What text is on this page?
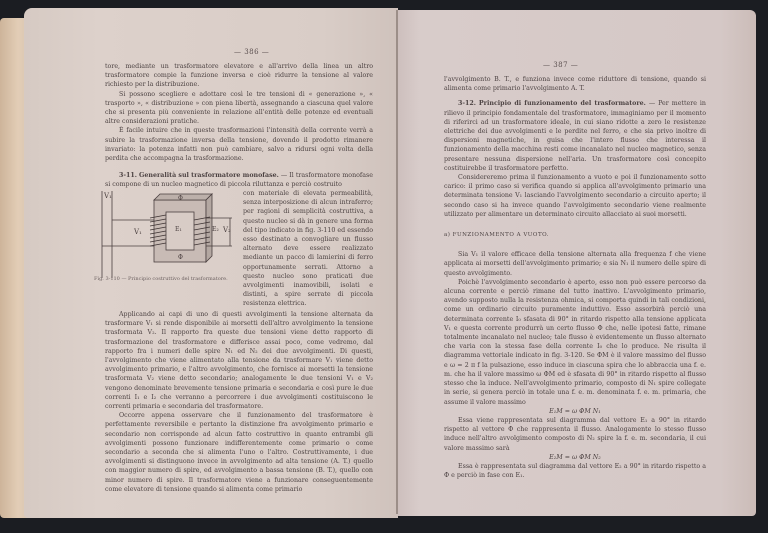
— 386 —

tore, mediante un trasformatore elevatore e all'arrivo della linea un altro trasformatore compie la funzione inversa e cioè ridurre la tensione al valore richiesto per la distribuzione.

Si possono scegliere e adottare così le tre tensioni di « generazione », « trasporto », « distribuzione » con piena libertà, assegnando a ciascuna quel valore che si presenta più conveniente in relazione all'entità delle potenze ed eventuali altre considerazioni pratiche.

È facile intuire che in queste trasformazioni l'intensità della corrente verrà a subire la trasformazione inversa della tensione, dovendo il prodotto rimanere invariato: la potenza infatti non può cambiare, salvo a ridursi ogni volta della perdita che accompagna la trasformazione.

3-11. Generalità sul trasformatore monofase. — Il trasformatore monofase si compone di un nucleo magnetico di piccola riluttanza e perciò costruito

V₁
V₁
Φ
Φ
E₁	E₂ V₂
Fig. 3-110 — Principio costruttivo del trasformatore.
con materiale di elevata permeabilità, senza interposizione di alcun intraferro; per ragioni di semplicità costruttiva, a questo nucleo si dà in genere una forma del tipo indicato in fig. 3-110 ed essendo esso destinato a convogliare un flusso alternato deve essere realizzato mediante un pacco di lamierini di ferro opportunamente serrati. Attorno a questo nucleo sono praticati due avvolgimenti inamovibili, isolati e distinti, a spire serrate di piccola resistenza elettrica.

Applicando ai capi di uno di questi avvolgimenti la tensione alternata da trasformare V₁ si rende disponibile ai morsetti dell'altro avvolgimento la tensione trasformata V₂. Il rapporto fra queste due tensioni viene detto rapporto di trasformazione del trasformatore e differisce assai poco, come vedremo, dal rapporto fra i numeri delle spire N₁ ed N₂ dei due avvolgimenti. Di questi, l'avvolgimento che viene alimentato alla tensione da trasformare V₁ viene detto avvolgimento primario, e l'altro avvolgimento, che fornisce ai morsetti la tensione trasformata V₂ viene detto secondario; analogamente le due tensioni V₁ e V₂ vengono denominate brevemente tensione primaria e secondaria e così pure le due correnti I₁ e I₂ che verranno a percorrere i due avvolgimenti costituiscono le correnti primaria e secondaria del trasformatore.

Occorre appena osservare che il funzionamento del trasformatore è perfettamente reversibile e pertanto la distinzione fra avvolgimento primario e secondario non corrisponde ad alcun fatto costruttivo in quanto entrambi gli avvolgimenti possono funzionare indifferentemente come primario o come secondario a seconda che si alimenta l'uno o l'altro. Costruttivamente, i due avvolgimenti si distinguono invece in avvolgimento ad alta tensione (A. T.) quello con maggior numero di spire, ed avvolgimento a bassa tensione (B. T.), quello con minor numero di spire. Il trasformatore viene a funzionare conseguentemente come elevatore di tensione quando si alimenta come primario

— 387 —

l'avvolgimento B. T., e funziona invece come riduttore di tensione, quando si alimenta come primario l'avvolgimento A. T.

3-12. Principio di funzionamento del trasformatore. — Per mettere in rilievo il principio fondamentale del trasformatore, immaginiamo per il momento di riferirci ad un trasformatore ideale, in cui siano ridotte a zero le resistenze elettriche dei due avvolgimenti e le perdite nel ferro, e che sia privo inoltre di dispersioni magnetiche, in guisa che l'intero flusso che interessa il funzionamento della macchina resti come incanalato nel nucleo magnetico, senza presentare nessuna dispersione nell'aria. Un trasformatore così concepito costituirebbe il trasformatore perfetto.

Considereremo prima il funzionamento a vuoto e poi il funzionamento sotto carico: il primo caso si verifica quando si applica all'avvolgimento primario una determinata tensione V₁ lasciando l'avvolgimento secondario a circuito aperto; il secondo caso si ha invece quando l'avvolgimento secondario viene realmente utilizzato per alimentare un determinato circuito allacciato ai suoi morsetti.

a) FUNZIONAMENTO A VUOTO.

Sia V₁ il valore efficace della tensione alternata alla frequenza f che viene applicata ai morsetti dell'avvolgimento primario; e sia N₁ il numero delle spire di questo avvolgimento.

Poichè l'avvolgimento secondario è aperto, esso non può essere percorso da alcuna corrente e perciò rimane del tutto inattivo. L'avvolgimento primario, avendo supposto nulla la resistenza ohmica, si comporta quindi in tali condizioni, come un ordinario circuito puramente induttivo. Esso assorbirà perciò una determinata corrente I₀ sfasata di 90° in ritardo rispetto alla tensione applicata V₁ e questa corrente produrrà un certo flusso Φ che, nelle ipotesi fatte, rimane totalmente incanalato nel nucleo; tale flusso è evidentemente un flusso alternato che varia con la stessa fase della corrente I₀ che lo produce. Ne risulta il diagramma vettoriale indicato in fig. 3-120. Se ΦM è il valore massimo del flusso e ω = 2 π f la pulsazione, esso induce in ciascuna spira che lo abbraccia una f. e. m. che ha il valore massimo ω ΦM ed è sfasata di 90° in ritardo rispetto al flusso stesso che la induce. Nell'avvolgimento primario, composto di N₁ spire collegate in serie, si genera perciò in totale una f. e. m. denominata f. e. m. primaria, che assume il valore massimo

E₁M = ω ΦM N₁

Essa viene rappresentata sul diagramma dal vettore E₁ a 90° in ritardo rispetto al vettore Φ che rappresenta il flusso. Analogamente lo stesso flusso induce nell'altro avvolgimento composto di N₂ spire la f. e. m. secondaria, il cui valore massimo sarà

E₂M = ω ΦM N₂

Essa è rappresentata sul diagramma dal vettore E₂ a 90° in ritardo rispetto a Φ e perciò in fase con E₁.
